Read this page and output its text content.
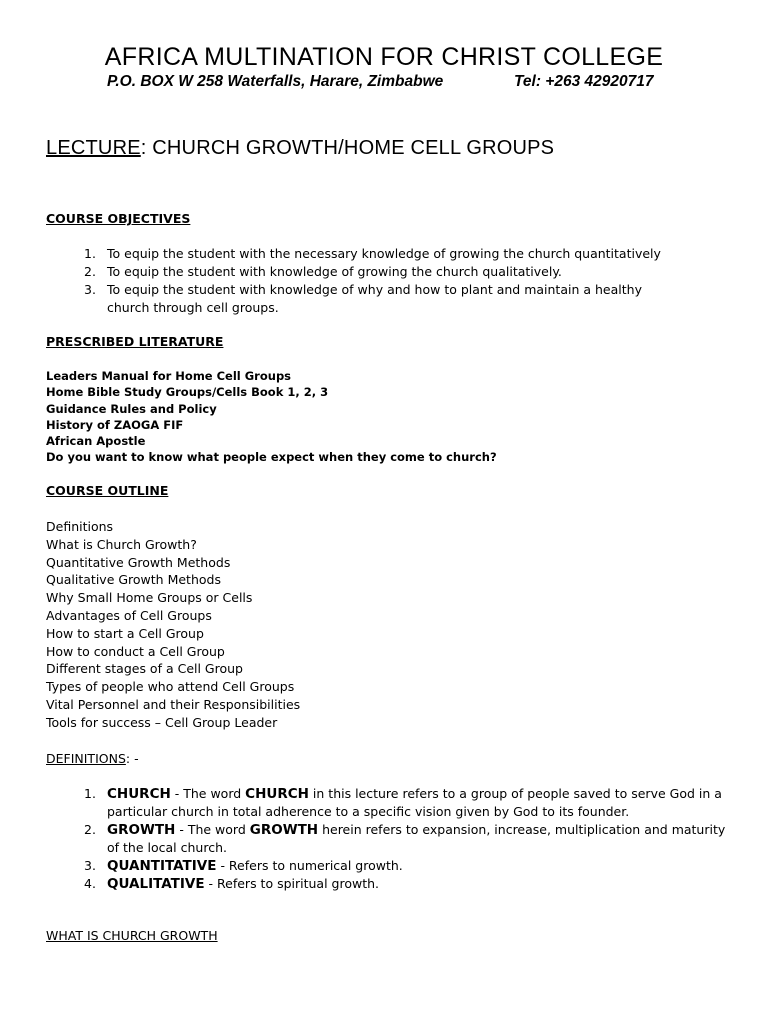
AFRICA MULTINATION FOR CHRIST COLLEGE
P.O. BOX W 258 Waterfalls, Harare, Zimbabwe	Tel: +263 42920717
LECTURE: CHURCH GROWTH/HOME CELL GROUPS
COURSE OBJECTIVES
1. To equip the student with the necessary knowledge of growing the church quantitatively
2. To equip the student with knowledge of growing the church qualitatively.
3. To equip the student with knowledge of why and how to plant and maintain a healthy church through cell groups.
PRESCRIBED LITERATURE
Leaders Manual for Home Cell Groups
Home Bible Study Groups/Cells Book 1, 2, 3
Guidance Rules and Policy
History of ZAOGA FIF
African Apostle
Do you want to know what people expect when they come to church?
COURSE OUTLINE
Definitions
What is Church Growth?
Quantitative Growth Methods
Qualitative Growth Methods
Why Small Home Groups or Cells
Advantages of Cell Groups
How to start a Cell Group
How to conduct a Cell Group
Different stages of a Cell Group
Types of people who attend Cell Groups
Vital Personnel and their Responsibilities
Tools for success – Cell Group Leader
DEFINITIONS: -
1. CHURCH - The word CHURCH in this lecture refers to a group of people saved to serve God in a particular church in total adherence to a specific vision given by God to its founder.
2. GROWTH - The word GROWTH herein refers to expansion, increase, multiplication and maturity of the local church.
3. QUANTITATIVE - Refers to numerical growth.
4. QUALITATIVE - Refers to spiritual growth.
WHAT IS CHURCH GROWTH
